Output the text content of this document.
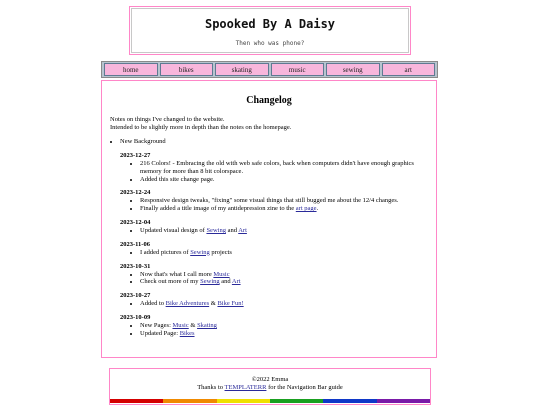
Spooked By A Daisy
Then who was phone?
home	bikes	skating	music	sewing	art
Changelog
Notes on things I've changed to the website.
Intended to be slightly more in depth than the notes on the homepage.
• New Background
2023-12-27
• 216 Colors! - Embracing the old with web safe colors, back when computers didn't have enough graphics memory for more than 8 bit colorspace.
• Added this site change page.
2023-12-24
• Responsive design tweaks, "fixing" some visual things that still bugged me about the 12/4 changes.
• Finally added a title image of my antidepression zine to the art page.
2023-12-04
• Updated visual design of Sewing and Art
2023-11-06
• I added pictures of Sewing projects
2023-10-31
• Now that's what I call more Music
• Check out more of my Sewing and Art
2023-10-27
• Added to Bike Adventures & Bike Fun!
2023-10-09
• New Pages: Music & Skating
• Updated Page: Bikes
©2022 Emma
Thanks to TEMPLATERR for the Navigation Bar guide
